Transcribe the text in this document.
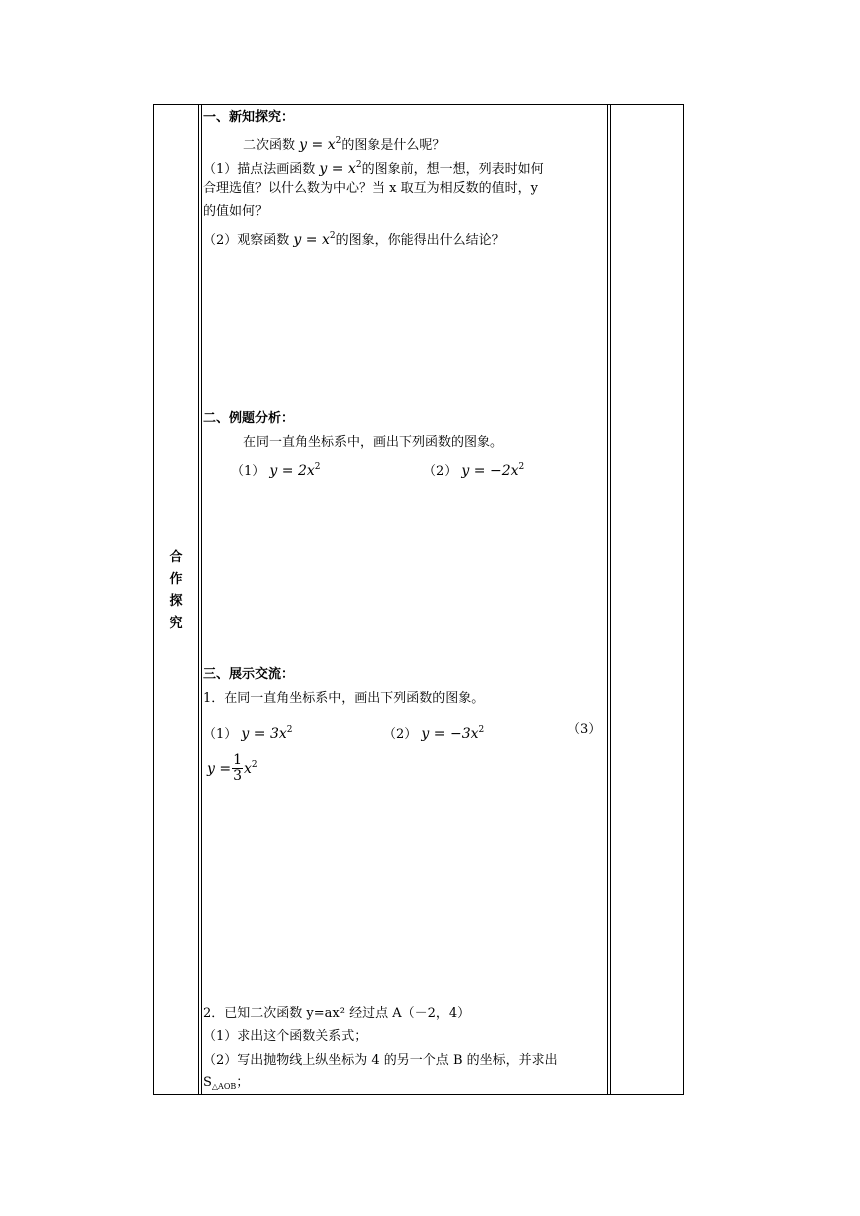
合
作
探
究
一、新知探究：
二次函数 $y = x^2$的图象是什么呢？
（1）描点法画函数 $y = x^2$的图象前，想一想，列表时如何
合理选值？以什么数为中心？当 x 取互为相反数的值时，y
的值如何？
（2）观察函数 $y = x^2$的图象，你能得出什么结论？
二、例题分析：
在同一直角坐标系中，画出下列函数的图象。
（1） $y = 2x^2$	（2） $y = -2x^2$
三、展示交流：
1．在同一直角坐标系中，画出下列函数的图象。
（1） $y = 3x^2$	（2） $y = -3x^2$	（3）
$y = \frac{1}{3} x^2$
2．已知二次函数 y=ax² 经过点 A（－2，4）
（1）求出这个函数关系式；
（2）写出抛物线上纵坐标为 4 的另一个点 B 的坐标，并求出
$S_{\triangle AOB}$；
